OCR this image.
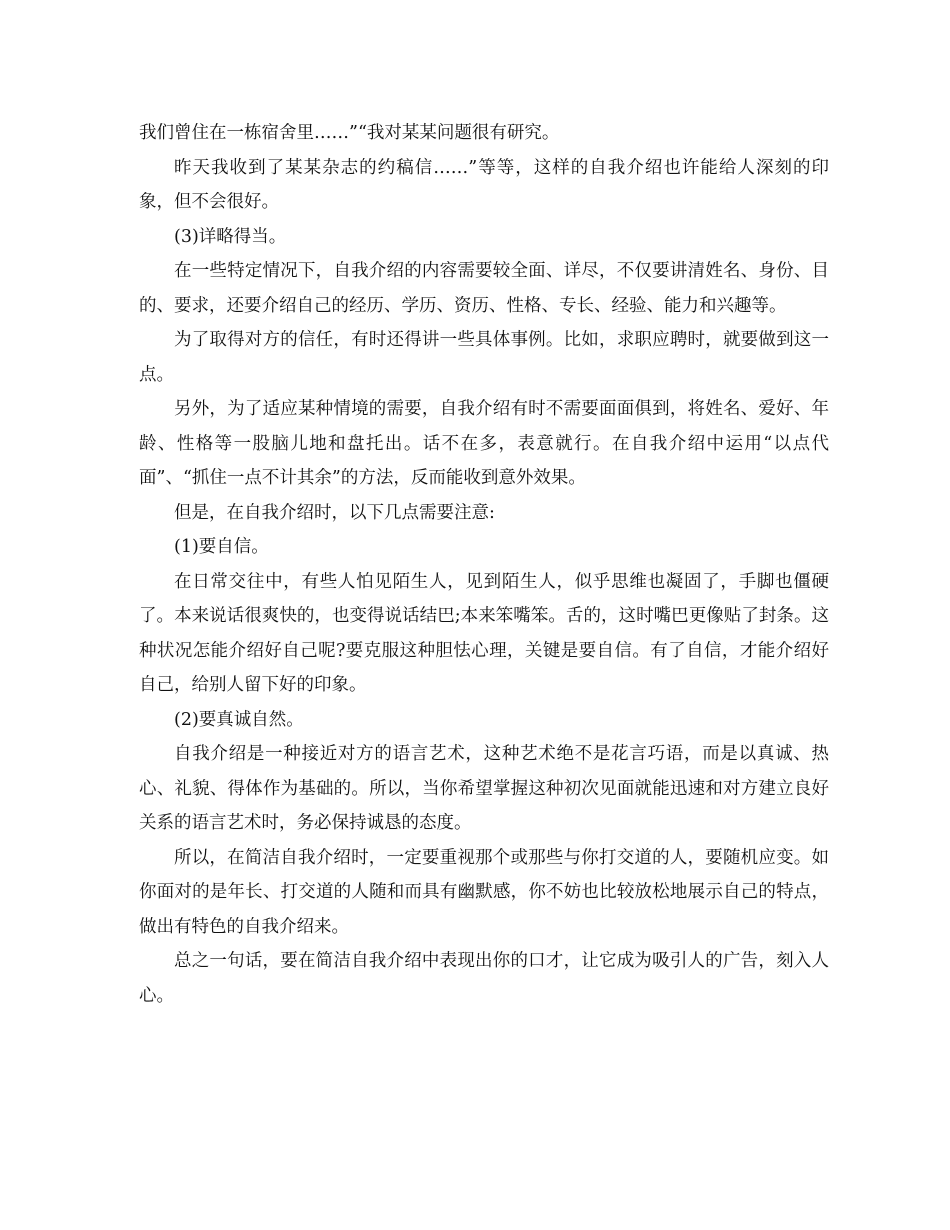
我们曾住在一栋宿舍里……”“我对某某问题很有研究。

昨天我收到了某某杂志的约稿信……”等等，这样的自我介绍也许能给人深刻的印象，但不会很好。

(3)详略得当。

在一些特定情况下，自我介绍的内容需要较全面、详尽，不仅要讲清姓名、身份、目的、要求，还要介绍自己的经历、学历、资历、性格、专长、经验、能力和兴趣等。

为了取得对方的信任，有时还得讲一些具体事例。比如，求职应聘时，就要做到这一点。

另外，为了适应某种情境的需要，自我介绍有时不需要面面俱到，将姓名、爱好、年龄、性格等一股脑儿地和盘托出。话不在多，表意就行。在自我介绍中运用“以点代面”、“抓住一点不计其余”的方法，反而能收到意外效果。

但是，在自我介绍时，以下几点需要注意:

(1)要自信。

在日常交往中，有些人怕见陌生人，见到陌生人，似乎思维也凝固了，手脚也僵硬了。本来说话很爽快的，也变得说话结巴;本来笨嘴笨。舌的，这时嘴巴更像贴了封条。这种状况怎能介绍好自己呢?要克服这种胆怯心理，关键是要自信。有了自信，才能介绍好自己，给别人留下好的印象。

(2)要真诚自然。

自我介绍是一种接近对方的语言艺术，这种艺术绝不是花言巧语，而是以真诚、热心、礼貌、得体作为基础的。所以，当你希望掌握这种初次见面就能迅速和对方建立良好关系的语言艺术时，务必保持诚恳的态度。

所以，在简洁自我介绍时，一定要重视那个或那些与你打交道的人，要随机应变。如你面对的是年长、打交道的人随和而具有幽默感，你不妨也比较放松地展示自己的特点，做出有特色的自我介绍来。

总之一句话，要在简洁自我介绍中表现出你的口才，让它成为吸引人的广告，刻入人心。
